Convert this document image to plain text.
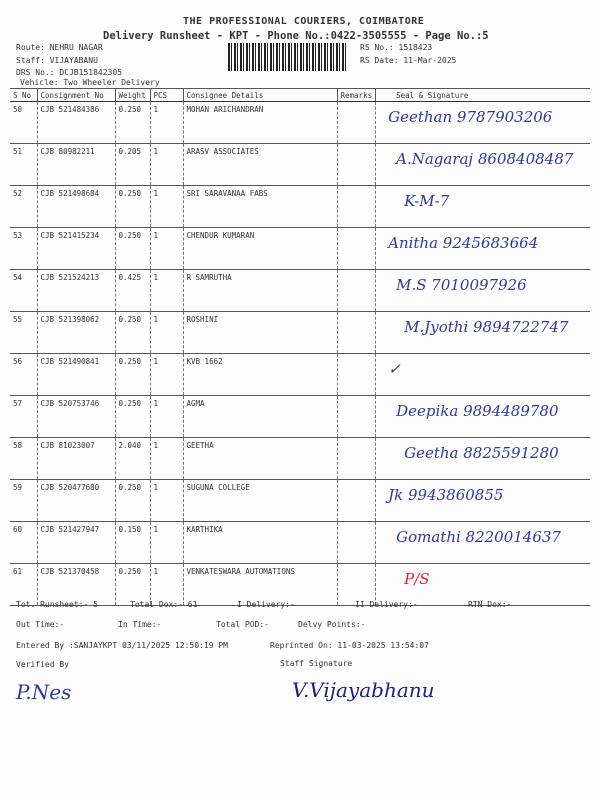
THE PROFESSIONAL COURIERS, COIMBATORE
Delivery Runsheet - KPT - Phone No.:0422-3505555 - Page No.:5
Route: NEHRU NAGAR
Staff: VIJAYABANU
DRS No.: DCJB151842305
Vehicle: Two Wheeler Delivery
RS No.: 1518423
RS Date: 11-Mar-2025
S No	Consignment No	Weight	PCS	Consignee Details	Remarks	Seal & Signature
50	CJB 521484386	0.250	1	MOHAN ARICHANDRAN		Geethan 9787903206

51	CJB 80982211	0.205	1	ARASV ASSOCIATES		A.Nagaraj 8608408487

52	CJB 521498684	0.250	1	SRI SARAVANAA FABS		K-M-7

53	CJB 521415234	0.250	1	CHENDUR KUMARAN		Anitha 9245683664

54	CJB 521524213	0.425	1	R SAMRUTHA		M.S 7010097926

55	CJB 521398062	0.250	1	ROSHINI		M.Jyothi 9894722747

56	CJB 521490841	0.250	1	KVB 1662		✓

57	CJB 520753746	0.250	1	AGMA		Deepika 9894489780

58	CJB 81023007	2.040	1	GEETHA		Geetha 8825591280

59	CJB 520477680	0.250	1	SUGUNA COLLEGE		Jk 9943860855

60	CJB 521427947	0.150	1	KARTHIKA		Gomathi 8220014637

61	CJB 521370458	0.250	1	VENKATESWARA AUTOMATIONS		P/S
Tot. Runsheet:- 5	Total Dox:- 61	I Delivery:-	II Delivery:-	RTN Dox:-
Out Time:-	In Time:-	Total POD:-	Delvy Points:-
Entered By :SANJAYKPT 03/11/2025 12:50:19 PM	Reprinted On: 11-03-2025 13:54:07
Verified By	Staff Signature
P.Nes	V.Vijayabhanu
